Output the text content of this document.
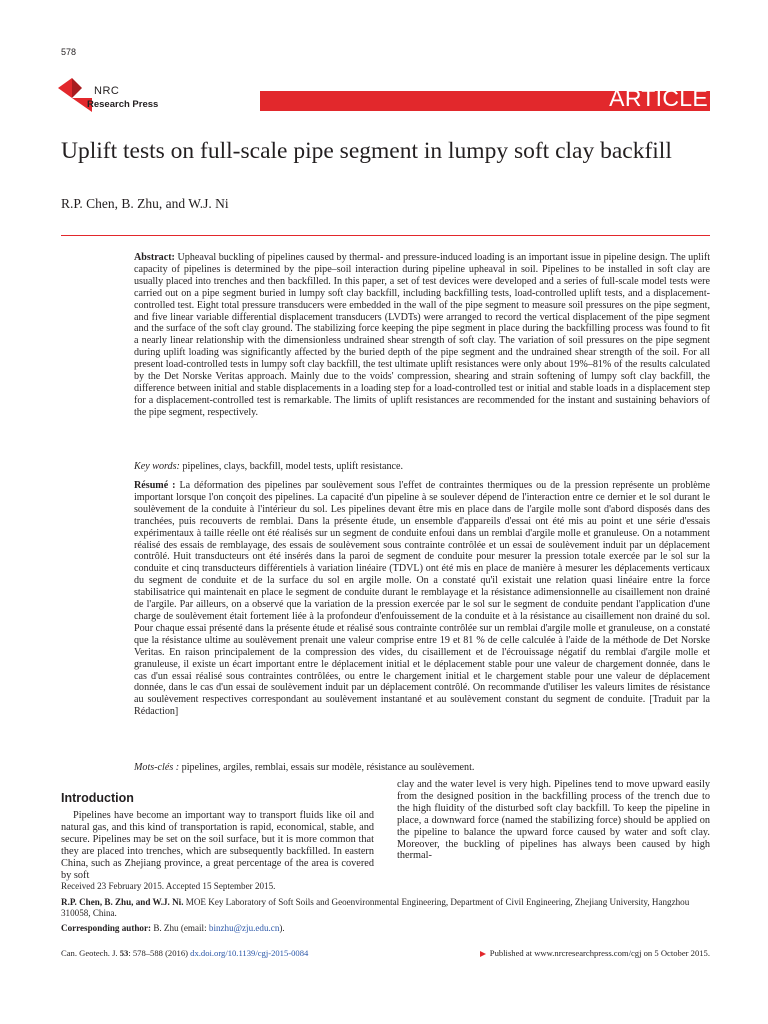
578
NRC
Research Press	ARTICLE
Uplift tests on full-scale pipe segment in lumpy soft clay backfill
R.P. Chen, B. Zhu, and W.J. Ni

Abstract: Upheaval buckling of pipelines caused by thermal- and pressure-induced loading is an important issue in pipeline design. The uplift capacity of pipelines is determined by the pipe–soil interaction during pipeline upheaval in soil. Pipelines to be installed in soft clay are usually placed into trenches and then backfilled. In this paper, a set of test devices were developed and a series of full-scale model tests were carried out on a pipe segment buried in lumpy soft clay backfill, including backfilling tests, load-controlled uplift tests, and a displacement-controlled test. Eight total pressure transducers were embedded in the wall of the pipe segment to measure soil pressures on the pipe segment, and five linear variable differential displacement transducers (LVDTs) were arranged to record the vertical displacement of the pipe segment and the surface of the soft clay ground. The stabilizing force keeping the pipe segment in place during the backfilling process was found to fit a nearly linear relationship with the dimensionless undrained shear strength of soft clay. The variation of soil pressures on the pipe segment during uplift loading was significantly affected by the buried depth of the pipe segment and the undrained shear strength of the soil. For all present load-controlled tests in lumpy soft clay backfill, the test ultimate uplift resistances were only about 19%–81% of the results calculated by the Det Norske Veritas approach. Mainly due to the voids' compression, shearing and strain softening of lumpy soft clay backfill, the difference between initial and stable displacements in a loading step for a load-controlled test or initial and stable loads in a displacement step for a displacement-controlled test is remarkable. The limits of uplift resistances are recommended for the instant and sustaining behaviors of the pipe segment, respectively.

Key words: pipelines, clays, backfill, model tests, uplift resistance.

Résumé : La déformation des pipelines par soulèvement sous l'effet de contraintes thermiques ou de la pression représente un problème important lorsque l'on conçoit des pipelines. La capacité d'un pipeline à se soulever dépend de l'interaction entre ce dernier et le sol durant le soulèvement de la conduite à l'intérieur du sol. Les pipelines devant être mis en place dans de l'argile molle sont d'abord disposés dans des tranchées, puis recouverts de remblai. Dans la présente étude, un ensemble d'appareils d'essai ont été mis au point et une série d'essais expérimentaux à taille réelle ont été réalisés sur un segment de conduite enfoui dans un remblai d'argile molle et granuleuse. On a notamment réalisé des essais de remblayage, des essais de soulèvement sous contrainte contrôlée et un essai de soulèvement induit par un déplacement contrôlé. Huit transducteurs ont été insérés dans la paroi de segment de conduite pour mesurer la pression totale exercée par le sol sur la conduite et cinq transducteurs différentiels à variation linéaire (TDVL) ont été mis en place de manière à mesurer les déplacements verticaux du segment de conduite et de la surface du sol en argile molle. On a constaté qu'il existait une relation quasi linéaire entre la force stabilisatrice qui maintenait en place le segment de conduite durant le remblayage et la résistance adimensionnelle au cisaillement non drainé de l'argile. Par ailleurs, on a observé que la variation de la pression exercée par le sol sur le segment de conduite pendant l'application d'une charge de soulèvement était fortement liée à la profondeur d'enfouissement de la conduite et à la résistance au cisaillement non drainé du sol. Pour chaque essai présenté dans la présente étude et réalisé sous contrainte contrôlée sur un remblai d'argile molle et granuleuse, on a constaté que la résistance ultime au soulèvement prenait une valeur comprise entre 19 et 81 % de celle calculée à l'aide de la méthode de Det Norske Veritas. En raison principalement de la compression des vides, du cisaillement et de l'écrouissage négatif du remblai d'argile molle et granuleuse, il existe un écart important entre le déplacement initial et le déplacement stable pour une valeur de chargement donnée, dans le cas d'un essai réalisé sous contraintes contrôlées, ou entre le chargement initial et le chargement stable pour une valeur de déplacement donnée, dans le cas d'un essai de soulèvement induit par un déplacement contrôlé. On recommande d'utiliser les valeurs limites de résistance au soulèvement respectives correspondant au soulèvement instantané et au soulèvement constant du segment de conduite. [Traduit par la Rédaction]

Mots-clés : pipelines, argiles, remblai, essais sur modèle, résistance au soulèvement.

Introduction

Pipelines have become an important way to transport fluids like oil and natural gas, and this kind of transportation is rapid, economical, stable, and secure. Pipelines may be set on the soil surface, but it is more common that they are placed into trenches, which are subsequently backfilled. In eastern China, such as Zhejiang province, a great percentage of the area is covered by soft

clay and the water level is very high. Pipelines tend to move upward easily from the designed position in the backfilling process of the trench due to the high fluidity of the disturbed soft clay backfill. To keep the pipeline in place, a downward force (named the stabilizing force) should be applied on the pipeline to balance the upward force caused by water and soft clay. Moreover, the buckling of pipelines has always been caused by high thermal-

Received 23 February 2015. Accepted 15 September 2015.

R.P. Chen, B. Zhu, and W.J. Ni. MOE Key Laboratory of Soft Soils and Geoenvironmental Engineering, Department of Civil Engineering, Zhejiang University, Hangzhou 310058, China.

Corresponding author: B. Zhu (email: binzhu@zju.edu.cn).

Can. Geotech. J. 53: 578–588 (2016) dx.doi.org/10.1139/cgj-2015-0084	Published at www.nrcresearchpress.com/cgj on 5 October 2015.
